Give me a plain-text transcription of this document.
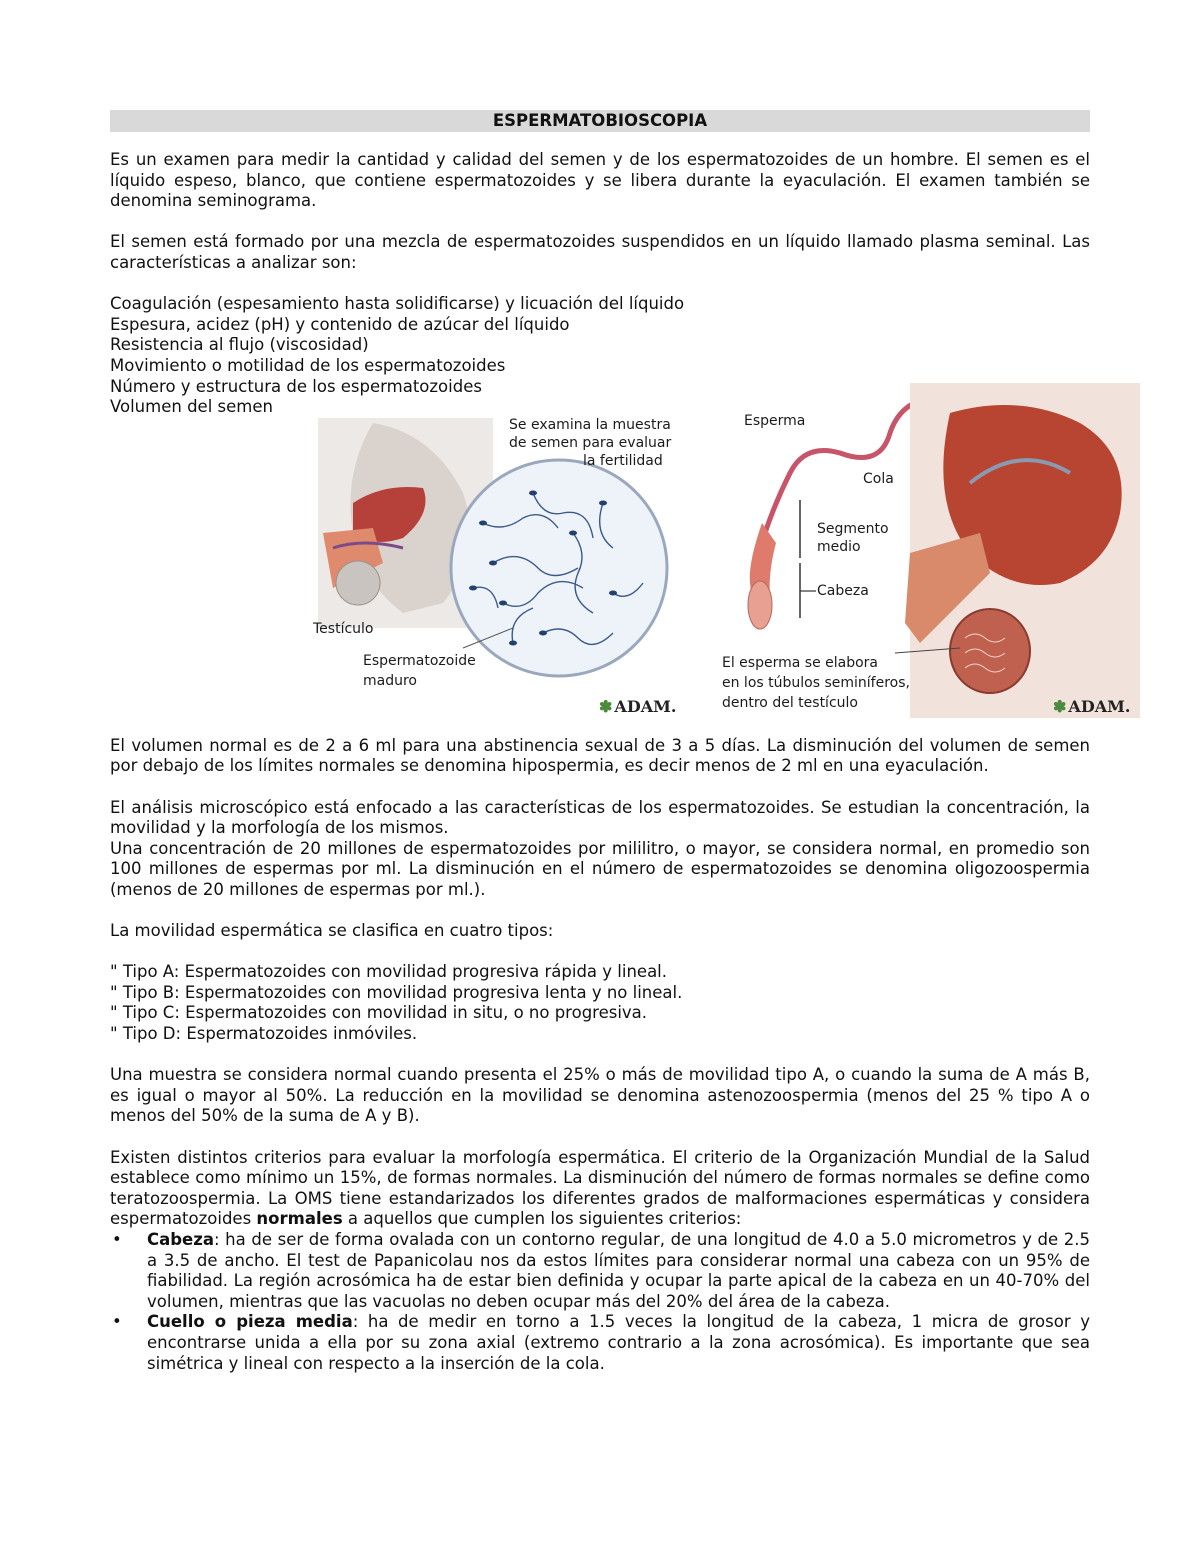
ESPERMATOBIOSCOPIA

Es un examen para medir la cantidad y calidad del semen y de los espermatozoides de un hombre. El semen es el líquido espeso, blanco, que contiene espermatozoides y se libera durante la eyaculación. El examen también se denomina seminograma.

El semen está formado por una mezcla de espermatozoides suspendidos en un líquido llamado plasma seminal. Las características a analizar son:

Coagulación (espesamiento hasta solidificarse) y licuación del líquido
Espesura, acidez (pH) y contenido de azúcar del líquido
Resistencia al flujo (viscosidad)
Movimiento o motilidad de los espermatozoides
Número y estructura de los espermatozoides
Volumen del semen

El volumen normal es de 2 a 6 ml para una abstinencia sexual de 3 a 5 días. La disminución del volumen de semen por debajo de los límites normales se denomina hipospermia, es decir menos de 2 ml en una eyaculación.

El análisis microscópico está enfocado a las características de los espermatozoides. Se estudian la concentración, la movilidad y la morfología de los mismos.

Una concentración de 20 millones de espermatozoides por mililitro, o mayor, se considera normal, en promedio son 100 millones de espermas por ml. La disminución en el número de espermatozoides se denomina oligozoospermia (menos de 20 millones de espermas por ml.).

La movilidad espermática se clasifica en cuatro tipos:

" Tipo A: Espermatozoides con movilidad progresiva rápida y lineal.
" Tipo B: Espermatozoides con movilidad progresiva lenta y no lineal.
" Tipo C: Espermatozoides con movilidad in situ, o no progresiva.
" Tipo D: Espermatozoides inmóviles.

Una muestra se considera normal cuando presenta el 25% o más de movilidad tipo A, o cuando la suma de A más B, es igual o mayor al 50%. La reducción en la movilidad se denomina astenozoospermia (menos del 25 % tipo A o menos del 50% de la suma de A y B).

Existen distintos criterios para evaluar la morfología espermática. El criterio de la Organización Mundial de la Salud establece como mínimo un 15%, de formas normales. La disminución del número de formas normales se define como teratozoospermia. La OMS tiene estandarizados los diferentes grados de malformaciones espermáticas y considera espermatozoides normales a aquellos que cumplen los siguientes criterios:

• Cabeza: ha de ser de forma ovalada con un contorno regular, de una longitud de 4.0 a 5.0 micrometros y de 2.5 a 3.5 de ancho. El test de Papanicolau nos da estos límites para considerar normal una cabeza con un 95% de fiabilidad. La región acrosómica ha de estar bien definida y ocupar la parte apical de la cabeza en un 40-70% del volumen, mientras que las vacuolas no deben ocupar más del 20% del área de la cabeza.
• Cuello o pieza media: ha de medir en torno a 1.5 veces la longitud de la cabeza, 1 micra de grosor y encontrarse unida a ella por su zona axial (extremo contrario a la zona acrosómica). Es importante que sea simétrica y lineal con respecto a la inserción de la cola.
Se examina la muestra
de semen para evaluar
la fertilidad
Testículo
Espermatozoide
maduro
✽ ADAM.
Esperma
Cola
Segmento
medio
Cabeza
El esperma se elabora
en los túbulos seminíferos,
dentro del testículo	✽ ADAM.
